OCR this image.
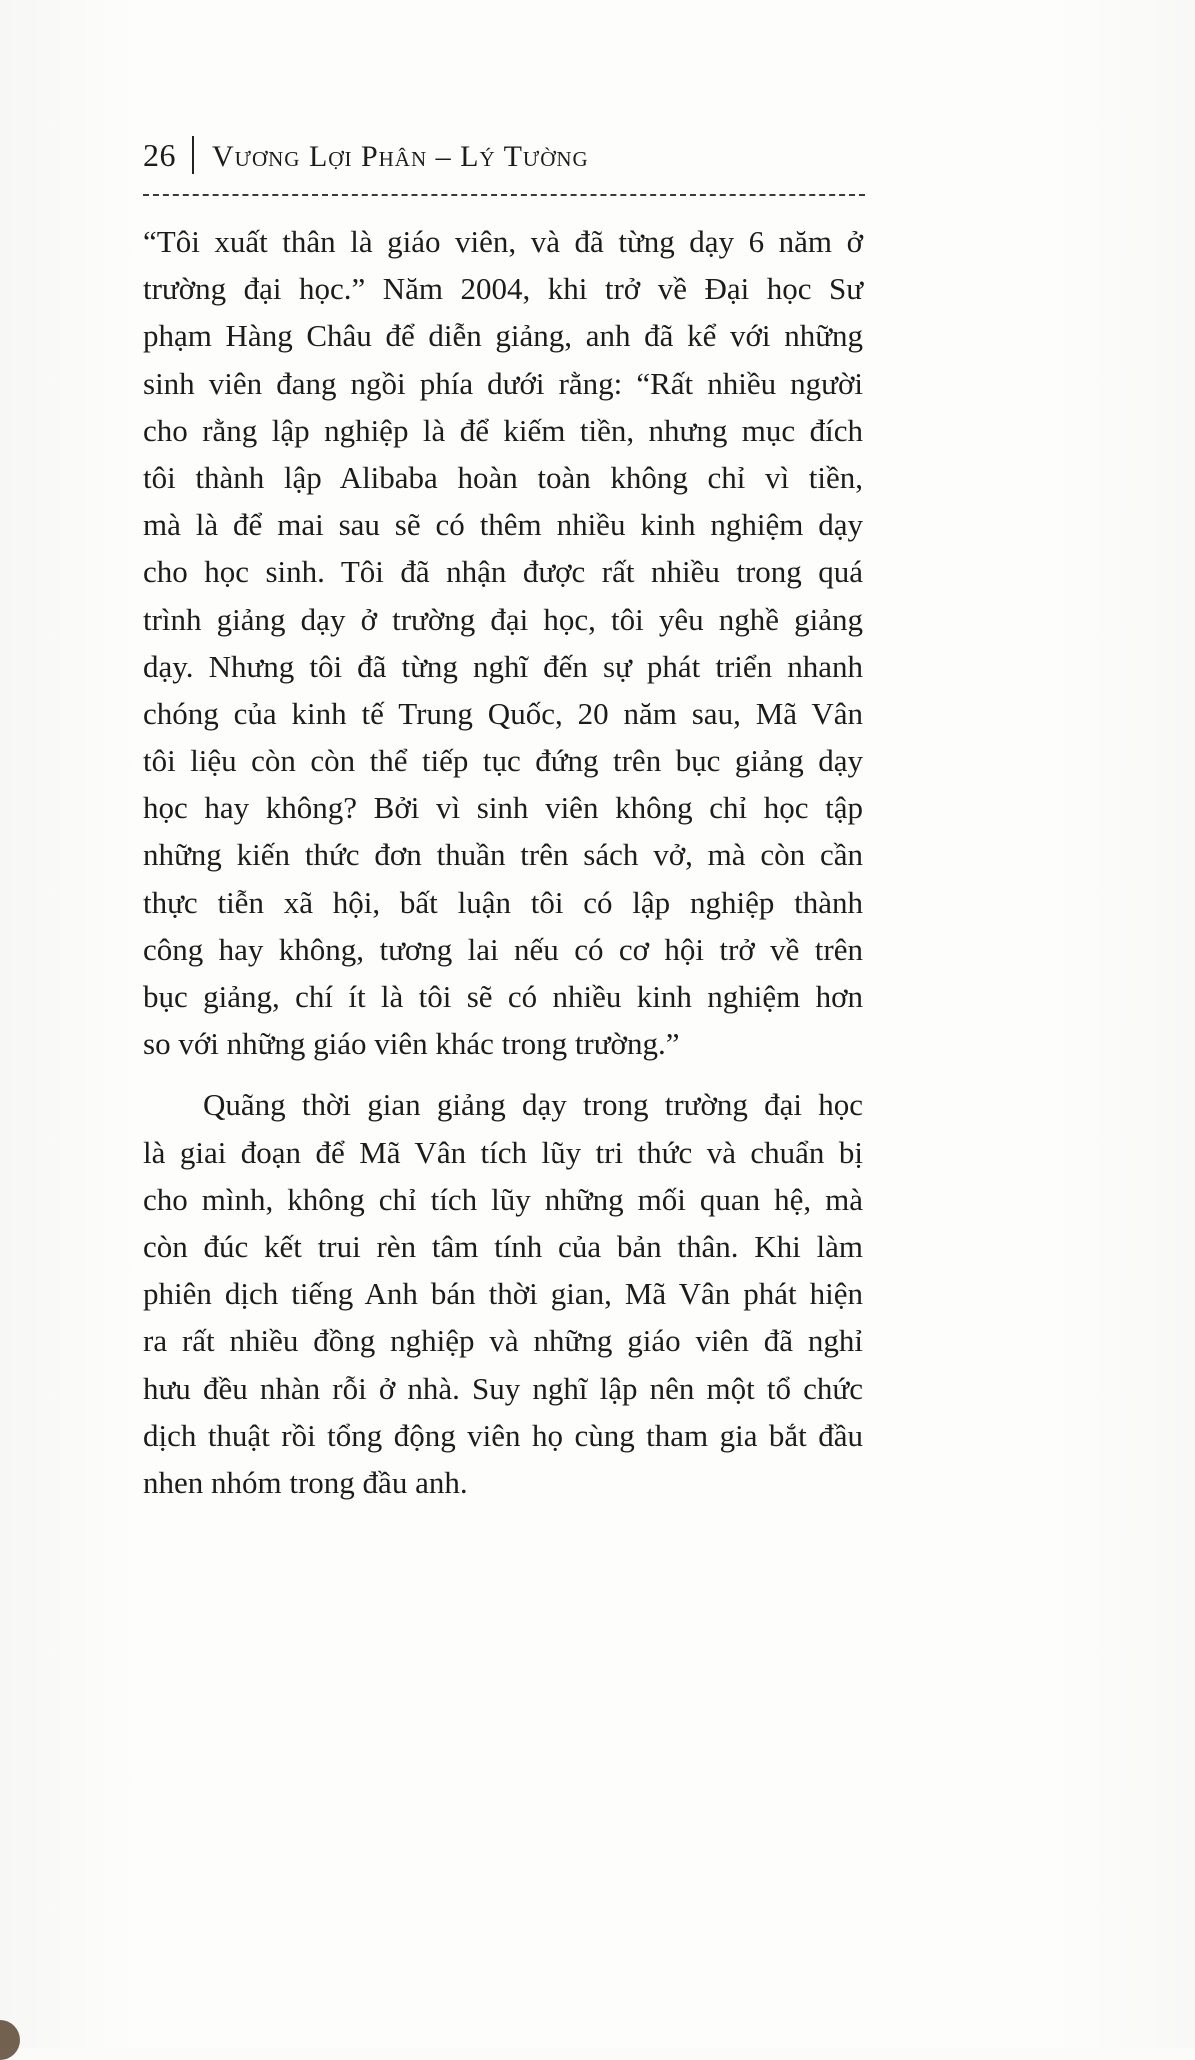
26 Vương Lợi Phân – Lý Tường
“Tôi xuất thân là giáo viên, và đã từng dạy 6 năm ở
trường đại học.” Năm 2004, khi trở về Đại học Sư
phạm Hàng Châu để diễn giảng, anh đã kể với những
sinh viên đang ngồi phía dưới rằng: “Rất nhiều người
cho rằng lập nghiệp là để kiếm tiền, nhưng mục đích
tôi thành lập Alibaba hoàn toàn không chỉ vì tiền,
mà là để mai sau sẽ có thêm nhiều kinh nghiệm dạy
cho học sinh. Tôi đã nhận được rất nhiều trong quá
trình giảng dạy ở trường đại học, tôi yêu nghề giảng
dạy. Nhưng tôi đã từng nghĩ đến sự phát triển nhanh
chóng của kinh tế Trung Quốc, 20 năm sau, Mã Vân
tôi liệu còn còn thể tiếp tục đứng trên bục giảng dạy
học hay không? Bởi vì sinh viên không chỉ học tập
những kiến thức đơn thuần trên sách vở, mà còn cần
thực tiễn xã hội, bất luận tôi có lập nghiệp thành
công hay không, tương lai nếu có cơ hội trở về trên
bục giảng, chí ít là tôi sẽ có nhiều kinh nghiệm hơn
so với những giáo viên khác trong trường.”
Quãng thời gian giảng dạy trong trường đại học
là giai đoạn để Mã Vân tích lũy tri thức và chuẩn bị
cho mình, không chỉ tích lũy những mối quan hệ, mà
còn đúc kết trui rèn tâm tính của bản thân. Khi làm
phiên dịch tiếng Anh bán thời gian, Mã Vân phát hiện
ra rất nhiều đồng nghiệp và những giáo viên đã nghỉ
hưu đều nhàn rỗi ở nhà. Suy nghĩ lập nên một tổ chức
dịch thuật rồi tổng động viên họ cùng tham gia bắt đầu
nhen nhóm trong đầu anh.
